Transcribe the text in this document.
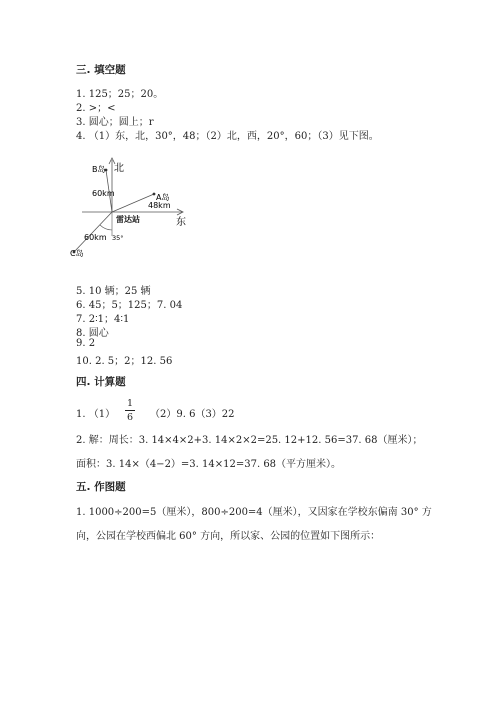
三. 填空题
1. 125；25；20。
2. >；<
3. 圆心；圆上；r
4. （1）东，北，30°，48；（2）北，西，20°，60；（3）见下图。
北
东
B岛
A岛
C岛
60km
48km
60km 35°
雷达站
5. 10 辆；25 辆
6. 45；5；125；7. 04
7. 2∶1；4∶1
8. 圆心
9. 2
10. 2. 5；2；12. 56
四. 计算题
1. （1）
1
6 （2）9. 6（3）22
2. 解：周长：3. 14×4×2+3. 14×2×2=25. 12+12. 56=37. 68（厘米）；
面积：3. 14×（4−2）=3. 14×12=37. 68（平方厘米）。
五. 作图题
1. 1000÷200=5（厘米），800÷200=4（厘米），又因家在学校东偏南 30° 方
向，公园在学校西偏北 60° 方向，所以家、公园的位置如下图所示：
